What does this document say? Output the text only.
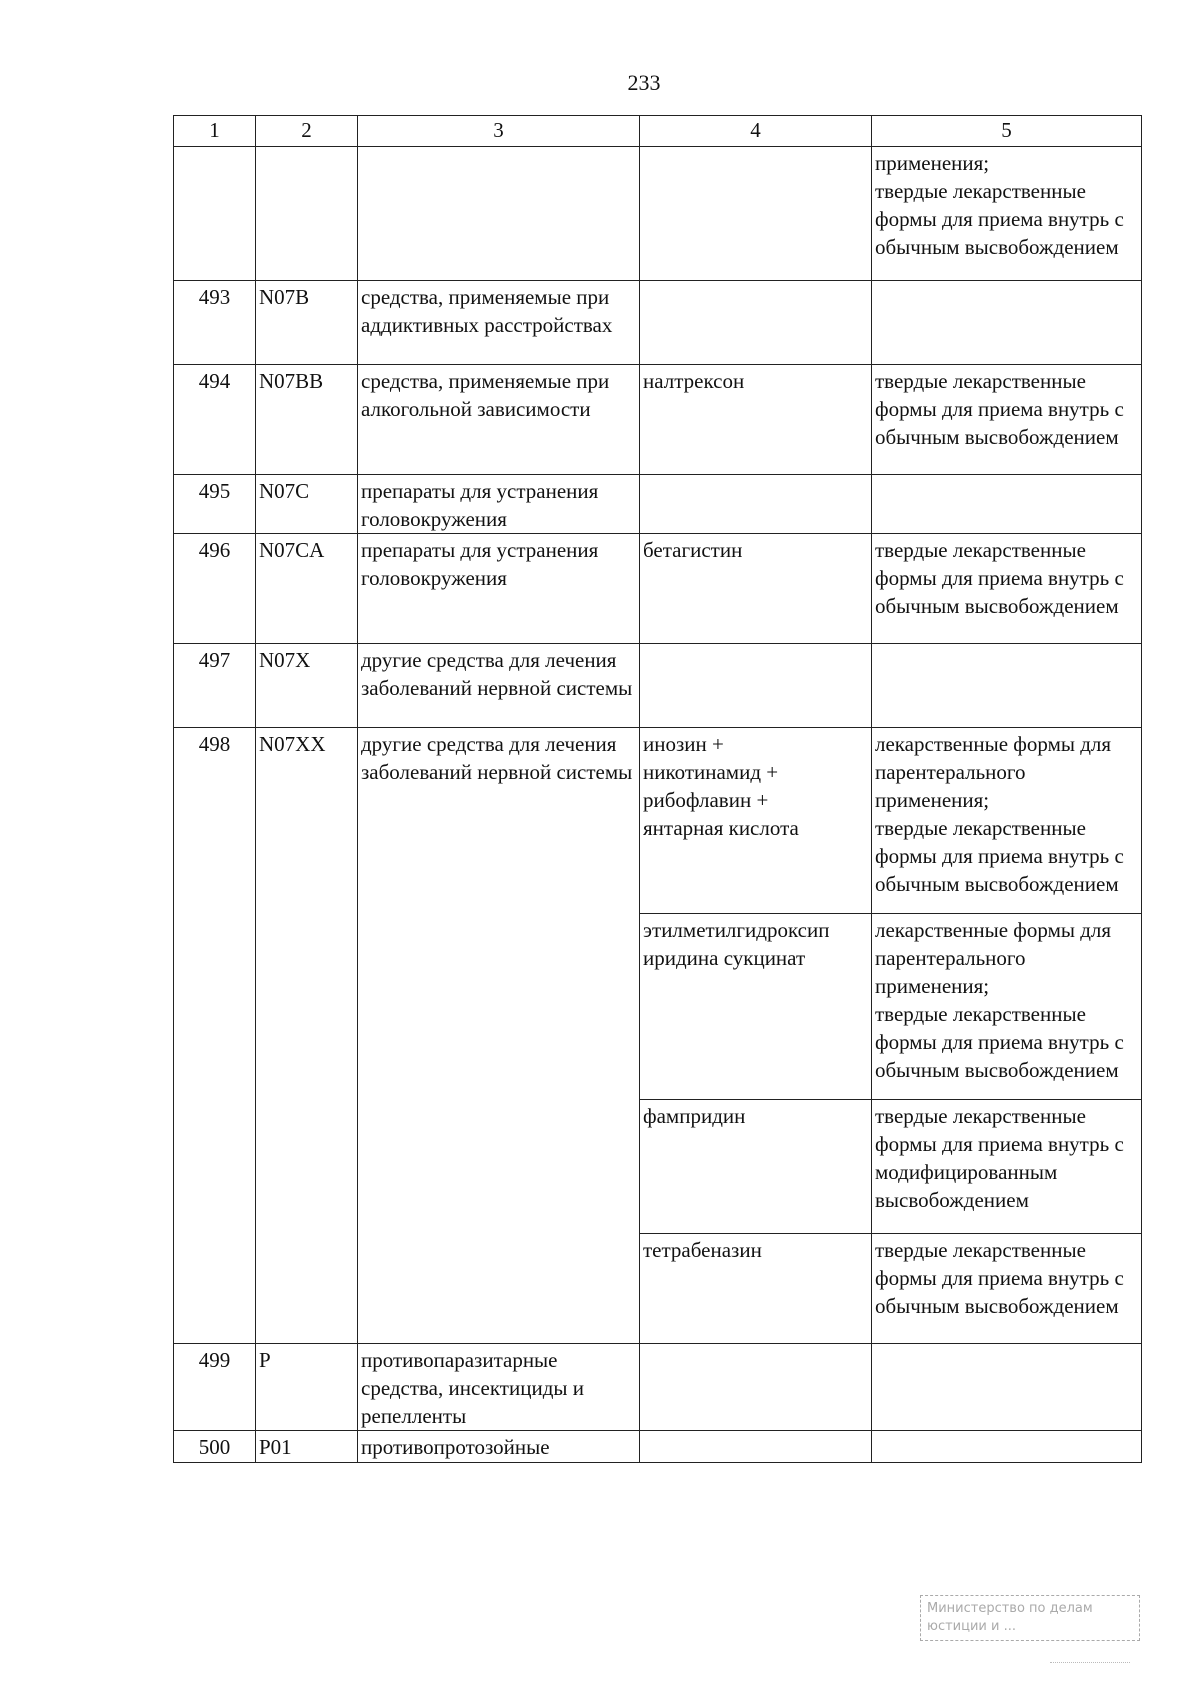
233
1	2	3	4	5
				применения;
твердые лекарственные формы для приема внутрь с обычным высвобождением
493	N07B	средства, применяемые при аддиктивных расстройствах		
494	N07BB	средства, применяемые при алкогольной зависимости	налтрексон	твердые лекарственные формы для приема внутрь с обычным высвобождением
495	N07C	препараты для устранения головокружения		
496	N07CA	препараты для устранения головокружения	бетагистин	твердые лекарственные формы для приема внутрь с обычным высвобождением
497	N07X	другие средства для лечения заболеваний нервной системы		
498	N07XX	другие средства для лечения заболеваний нервной системы	инозин +
никотинамид +
рибофлавин +
янтарная кислота	лекарственные формы для парентерального применения;
твердые лекарственные формы для приема внутрь с обычным высвобождением
			этилметилгидроксип иридина сукцинат	лекарственные формы для парентерального применения;
твердые лекарственные формы для приема внутрь с обычным высвобождением
			фампридин	твердые лекарственные формы для приема внутрь с модифицированным высвобождением
			тетрабеназин	твердые лекарственные формы для приема внутрь с обычным высвобождением
499	P	противопаразитарные средства, инсектициды и репелленты		
500	P01	противопротозойные		
Министерство по делам
юстиции и ...
